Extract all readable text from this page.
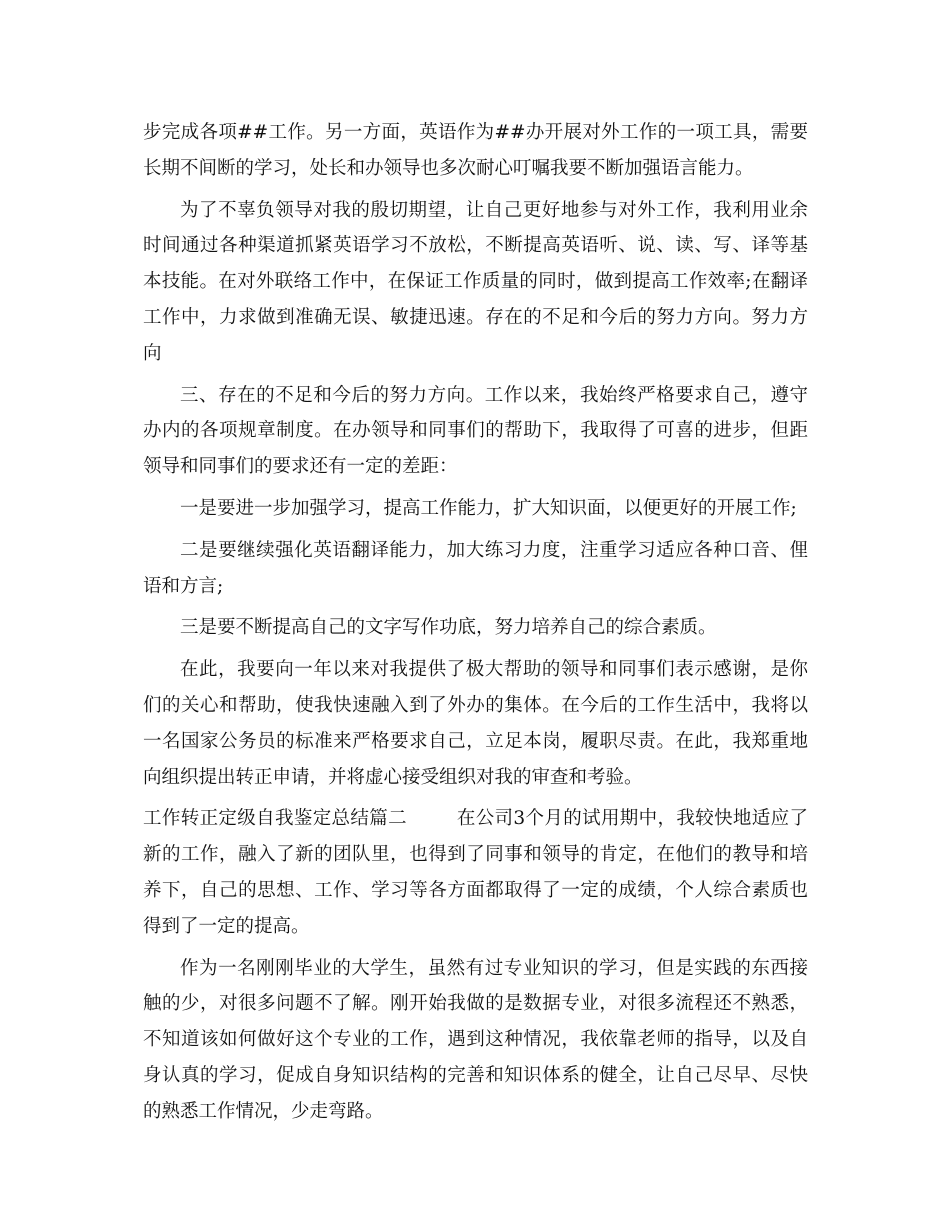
步完成各项##工作。另一方面，英语作为##办开展对外工作的一项工具，需要长期不间断的学习，处长和办领导也多次耐心叮嘱我要不断加强语言能力。

为了不辜负领导对我的殷切期望，让自己更好地参与对外工作，我利用业余时间通过各种渠道抓紧英语学习不放松，不断提高英语听、说、读、写、译等基本技能。在对外联络工作中，在保证工作质量的同时，做到提高工作效率;在翻译工作中，力求做到准确无误、敏捷迅速。存在的不足和今后的努力方向。努力方向

三、存在的不足和今后的努力方向。工作以来，我始终严格要求自己，遵守办内的各项规章制度。在办领导和同事们的帮助下，我取得了可喜的进步，但距领导和同事们的要求还有一定的差距：

一是要进一步加强学习，提高工作能力，扩大知识面，以便更好的开展工作;

二是要继续强化英语翻译能力，加大练习力度，注重学习适应各种口音、俚语和方言;

三是要不断提高自己的文字写作功底，努力培养自己的综合素质。

在此，我要向一年以来对我提供了极大帮助的领导和同事们表示感谢，是你们的关心和帮助，使我快速融入到了外办的集体。在今后的工作生活中，我将以一名国家公务员的标准来严格要求自己，立足本岗，履职尽责。在此，我郑重地向组织提出转正申请，并将虚心接受组织对我的审查和考验。

工作转正定级自我鉴定总结篇二        在公司3个月的试用期中，我较快地适应了新的工作，融入了新的团队里，也得到了同事和领导的肯定，在他们的教导和培养下，自己的思想、工作、学习等各方面都取得了一定的成绩，个人综合素质也得到了一定的提高。

作为一名刚刚毕业的大学生，虽然有过专业知识的学习，但是实践的东西接触的少，对很多问题不了解。刚开始我做的是数据专业，对很多流程还不熟悉，不知道该如何做好这个专业的工作，遇到这种情况，我依靠老师的指导，以及自身认真的学习，促成自身知识结构的完善和知识体系的健全，让自己尽早、尽快的熟悉工作情况，少走弯路。
